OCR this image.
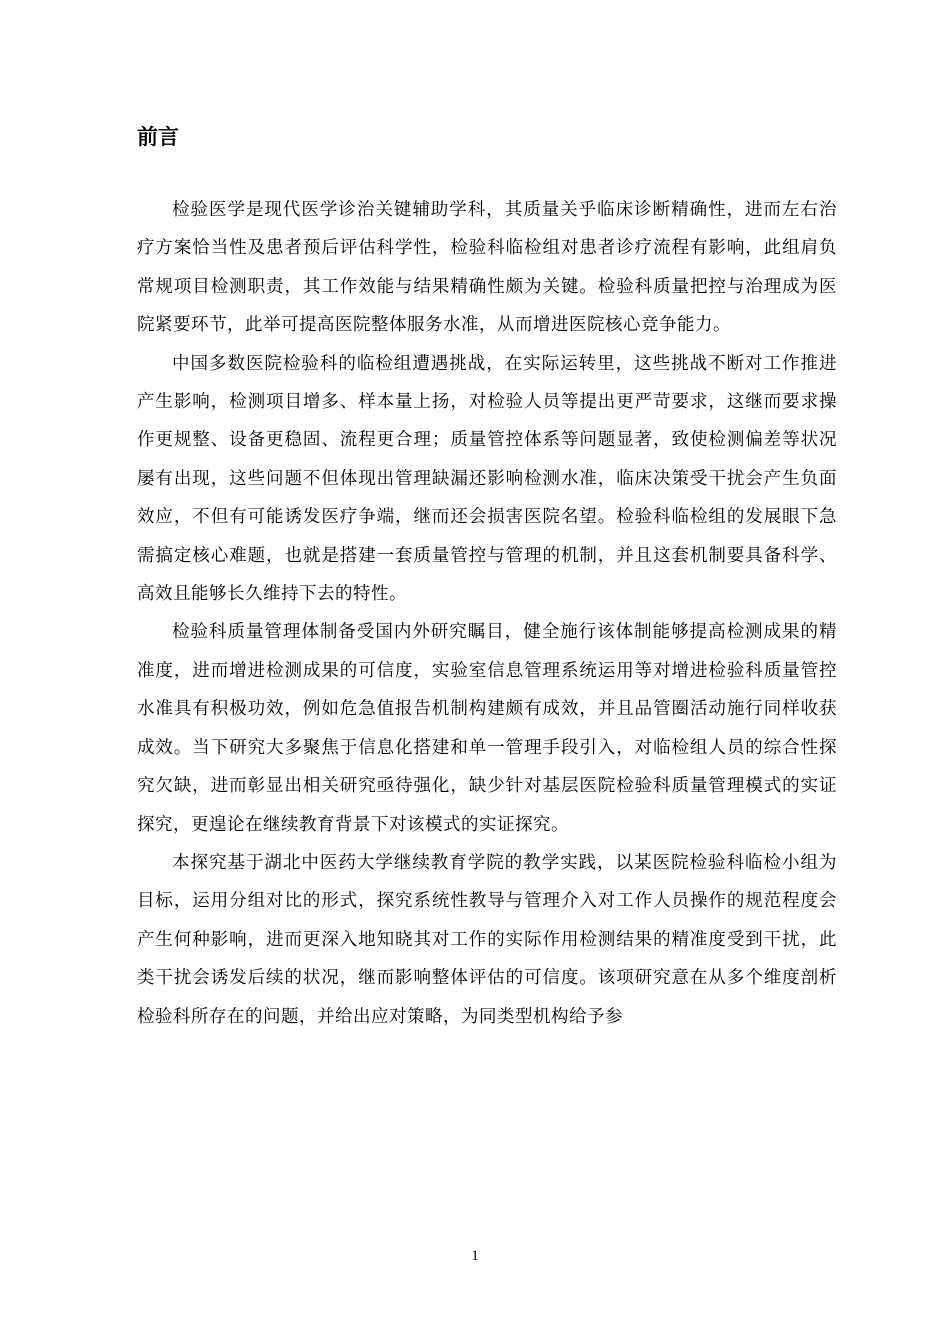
前言

检验医学是现代医学诊治关键辅助学科，其质量关乎临床诊断精确性，进而左右治疗方案恰当性及患者预后评估科学性，检验科临检组对患者诊疗流程有影响，此组肩负常规项目检测职责，其工作效能与结果精确性颇为关键。检验科质量把控与治理成为医院紧要环节，此举可提高医院整体服务水准，从而增进医院核心竞争能力。

中国多数医院检验科的临检组遭遇挑战，在实际运转里，这些挑战不断对工作推进产生影响，检测项目增多、样本量上扬，对检验人员等提出更严苛要求，这继而要求操作更规整、设备更稳固、流程更合理；质量管控体系等问题显著，致使检测偏差等状况屡有出现，这些问题不但体现出管理缺漏还影响检测水准，临床决策受干扰会产生负面效应，不但有可能诱发医疗争端，继而还会损害医院名望。检验科临检组的发展眼下急需搞定核心难题，也就是搭建一套质量管控与管理的机制，并且这套机制要具备科学、高效且能够长久维持下去的特性。

检验科质量管理体制备受国内外研究瞩目，健全施行该体制能够提高检测成果的精准度，进而增进检测成果的可信度，实验室信息管理系统运用等对增进检验科质量管控水准具有积极功效，例如危急值报告机制构建颇有成效，并且品管圈活动施行同样收获成效。当下研究大多聚焦于信息化搭建和单一管理手段引入，对临检组人员的综合性探究欠缺，进而彰显出相关研究亟待强化，缺少针对基层医院检验科质量管理模式的实证探究，更遑论在继续教育背景下对该模式的实证探究。

本探究基于湖北中医药大学继续教育学院的教学实践，以某医院检验科临检小组为目标，运用分组对比的形式，探究系统性教导与管理介入对工作人员操作的规范程度会产生何种影响，进而更深入地知晓其对工作的实际作用检测结果的精准度受到干扰，此类干扰会诱发后续的状况，继而影响整体评估的可信度。该项研究意在从多个维度剖析检验科所存在的问题，并给出应对策略，为同类型机构给予参

1
